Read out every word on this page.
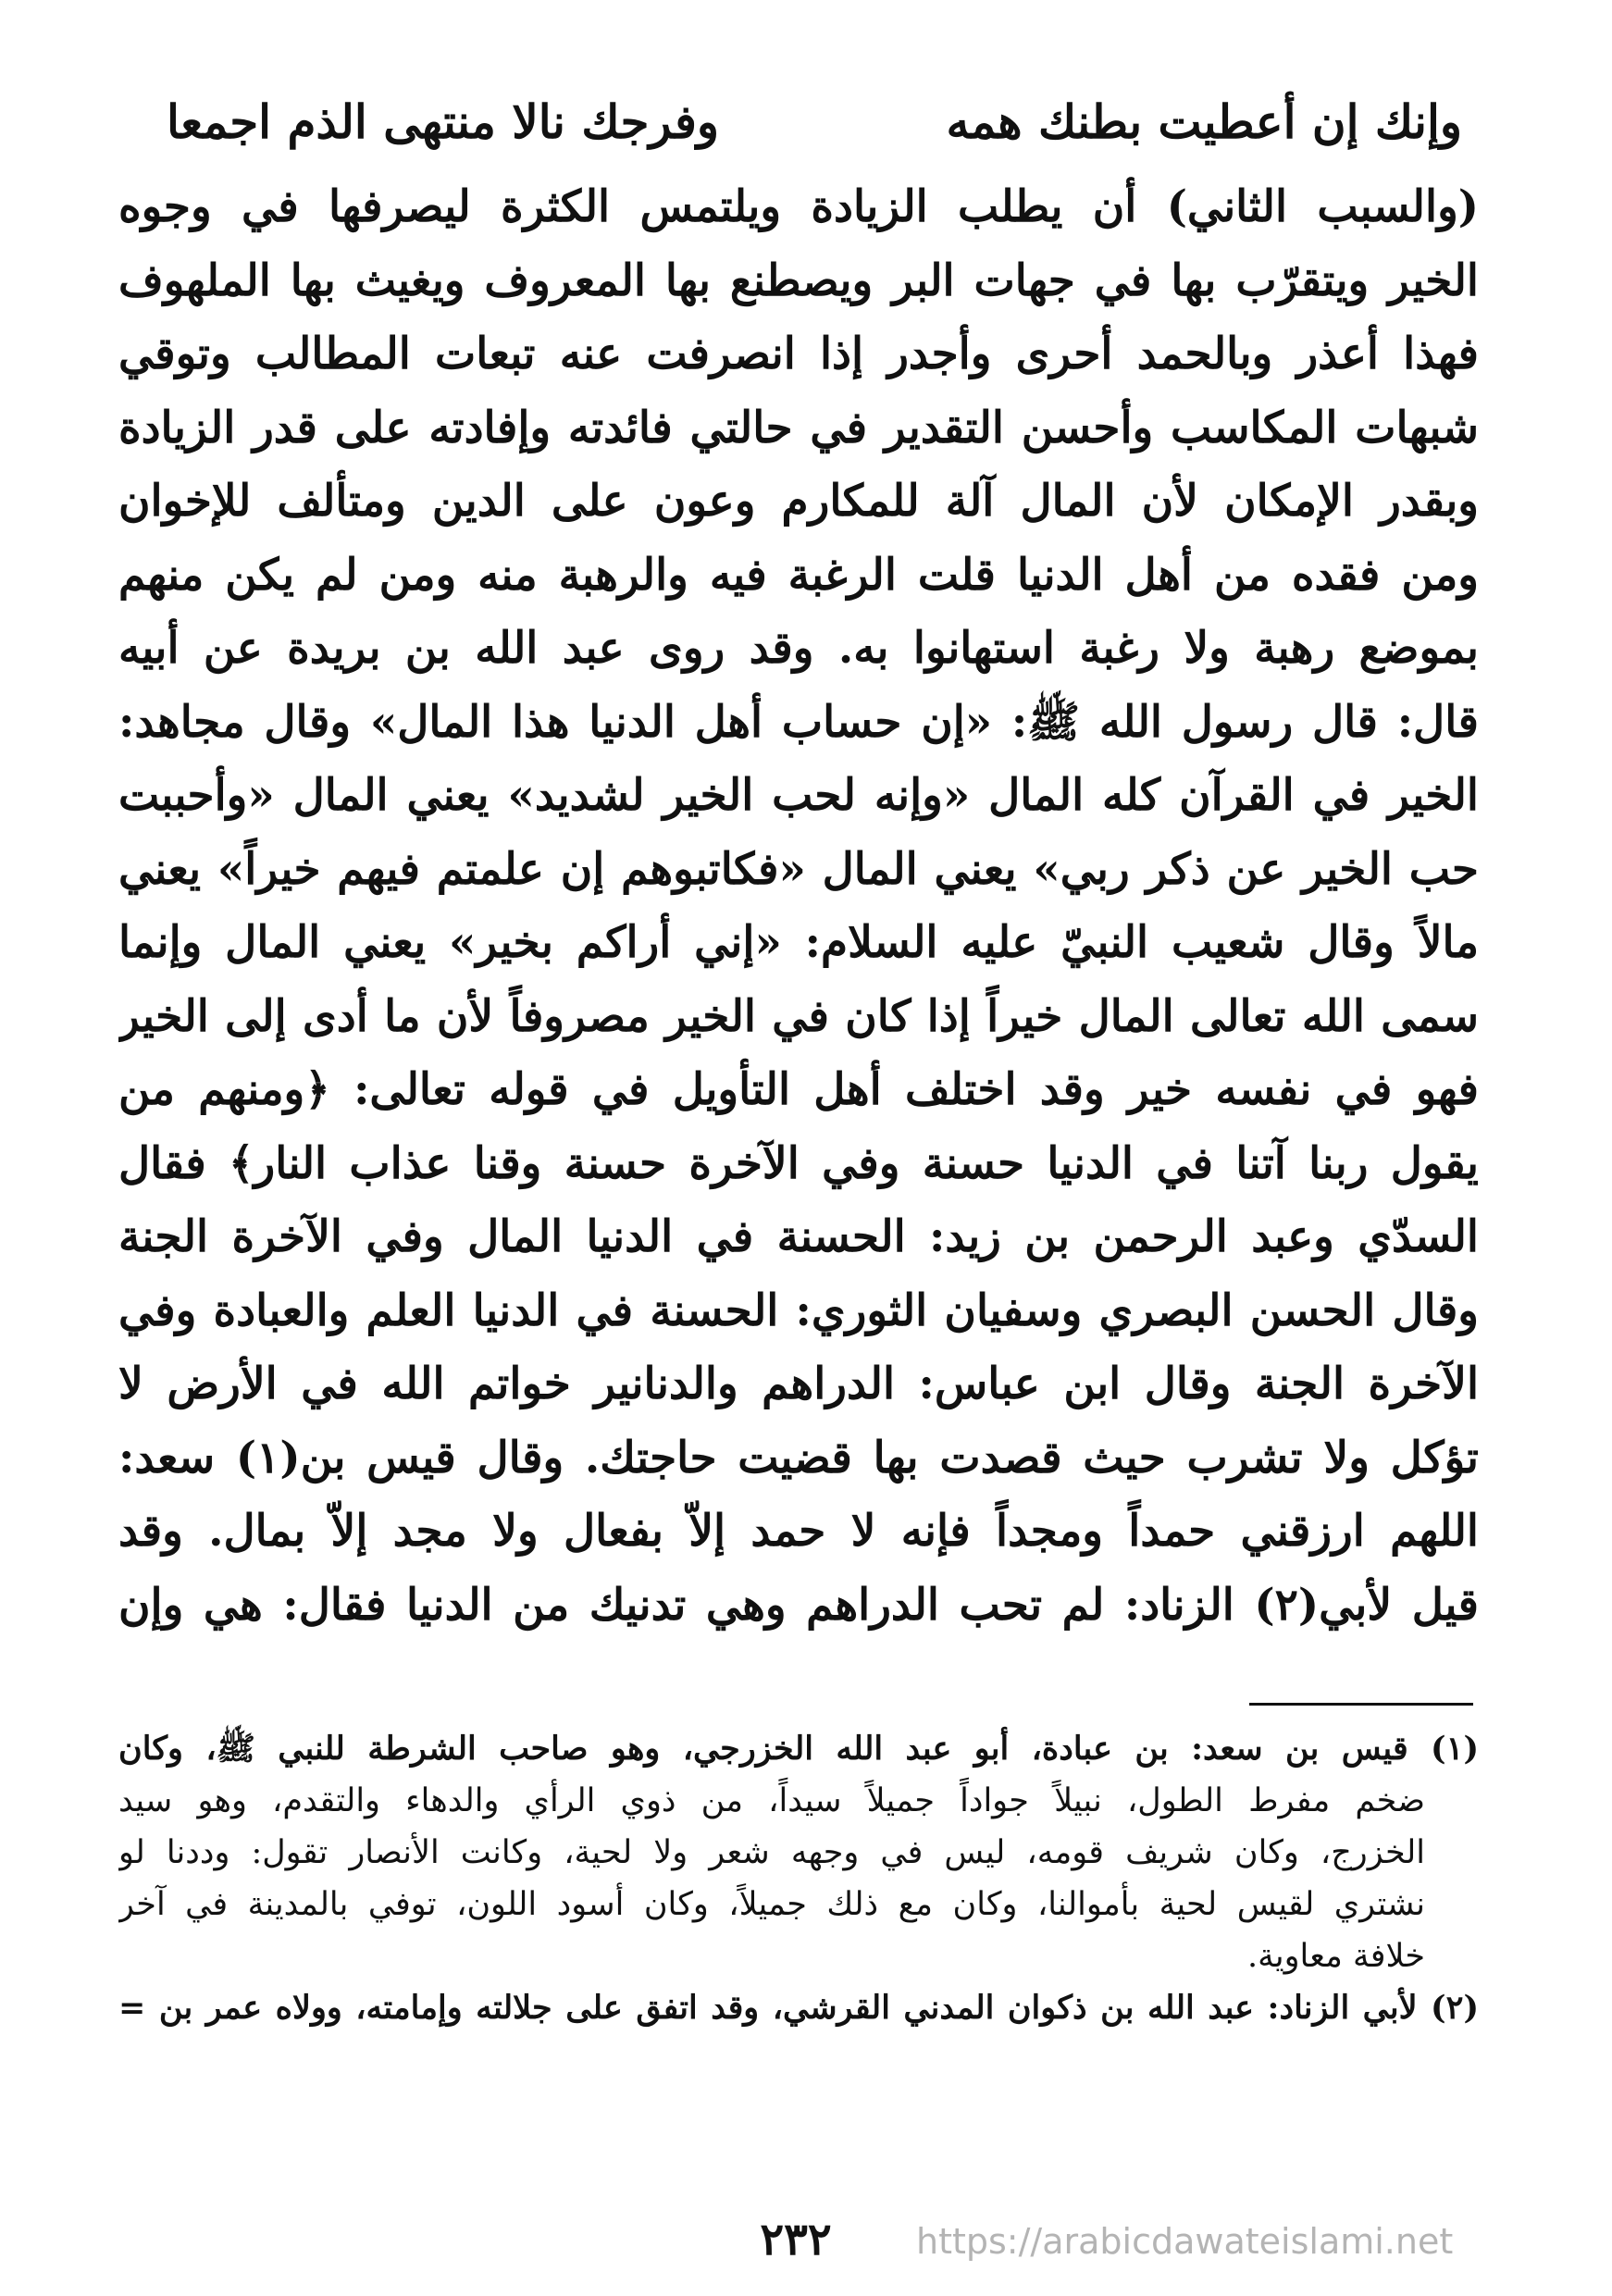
وإنك إن أعطيت بطنك همه
وفرجك نالا منتهى الذم اجمعا
(والسبب الثاني) أن يطلب الزيادة ويلتمس الكثرة ليصرفها في وجوه
الخير ويتقرّب بها في جهات البر ويصطنع بها المعروف ويغيث بها الملهوف
فهذا أعذر وبالحمد أحرى وأجدر إذا انصرفت عنه تبعات المطالب وتوقي
شبهات المكاسب وأحسن التقدير في حالتي فائدته وإفادته على قدر الزيادة
وبقدر الإمكان لأن المال آلة للمكارم وعون على الدين ومتألف للإخوان
ومن فقده من أهل الدنيا قلت الرغبة فيه والرهبة منه ومن لم يكن منهم
بموضع رهبة ولا رغبة استهانوا به. وقد روى عبد الله بن بريدة عن أبيه
قال: قال رسول الله ﷺ: «إن حساب أهل الدنيا هذا المال» وقال مجاهد:
الخير في القرآن كله المال «وإنه لحب الخير لشديد» يعني المال «وأحببت
حب الخير عن ذكر ربي» يعني المال «فكاتبوهم إن علمتم فيهم خيراً» يعني
مالاً وقال شعيب النبيّ عليه السلام: «إني أراكم بخير» يعني المال وإنما
سمى الله تعالى المال خيراً إذا كان في الخير مصروفاً لأن ما أدى إلى الخير
فهو في نفسه خير وقد اختلف أهل التأويل في قوله تعالى: ﴿ومنهم من
يقول ربنا آتنا في الدنيا حسنة وفي الآخرة حسنة وقنا عذاب النار﴾ فقال
السدّي وعبد الرحمن بن زيد: الحسنة في الدنيا المال وفي الآخرة الجنة
وقال الحسن البصري وسفيان الثوري: الحسنة في الدنيا العلم والعبادة وفي
الآخرة الجنة وقال ابن عباس: الدراهم والدنانير خواتم الله في الأرض لا
تؤكل ولا تشرب حيث قصدت بها قضيت حاجتك. وقال قيس بن(١) سعد:
اللهم ارزقني حمداً ومجداً فإنه لا حمد إلاّ بفعال ولا مجد إلاّ بمال. وقد
قيل لأبي(٢) الزناد: لم تحب الدراهم وهي تدنيك من الدنيا فقال: هي وإن
(١) قيس بن سعد: بن عبادة، أبو عبد الله الخزرجي، وهو صاحب الشرطة للنبي ﷺ، وكان
ضخم مفرط الطول، نبيلاً جواداً جميلاً سيداً، من ذوي الرأي والدهاء والتقدم، وهو سيد
الخزرج، وكان شريف قومه، ليس في وجهه شعر ولا لحية، وكانت الأنصار تقول: وددنا لو
نشتري لقيس لحية بأموالنا، وكان مع ذلك جميلاً، وكان أسود اللون، توفي بالمدينة في آخر
خلافة معاوية.
(٢) لأبي الزناد: عبد الله بن ذكوان المدني القرشي، وقد اتفق على جلالته وإمامته، وولاه عمر بن =
٢٣٢	https://arabicdawateislami.net
